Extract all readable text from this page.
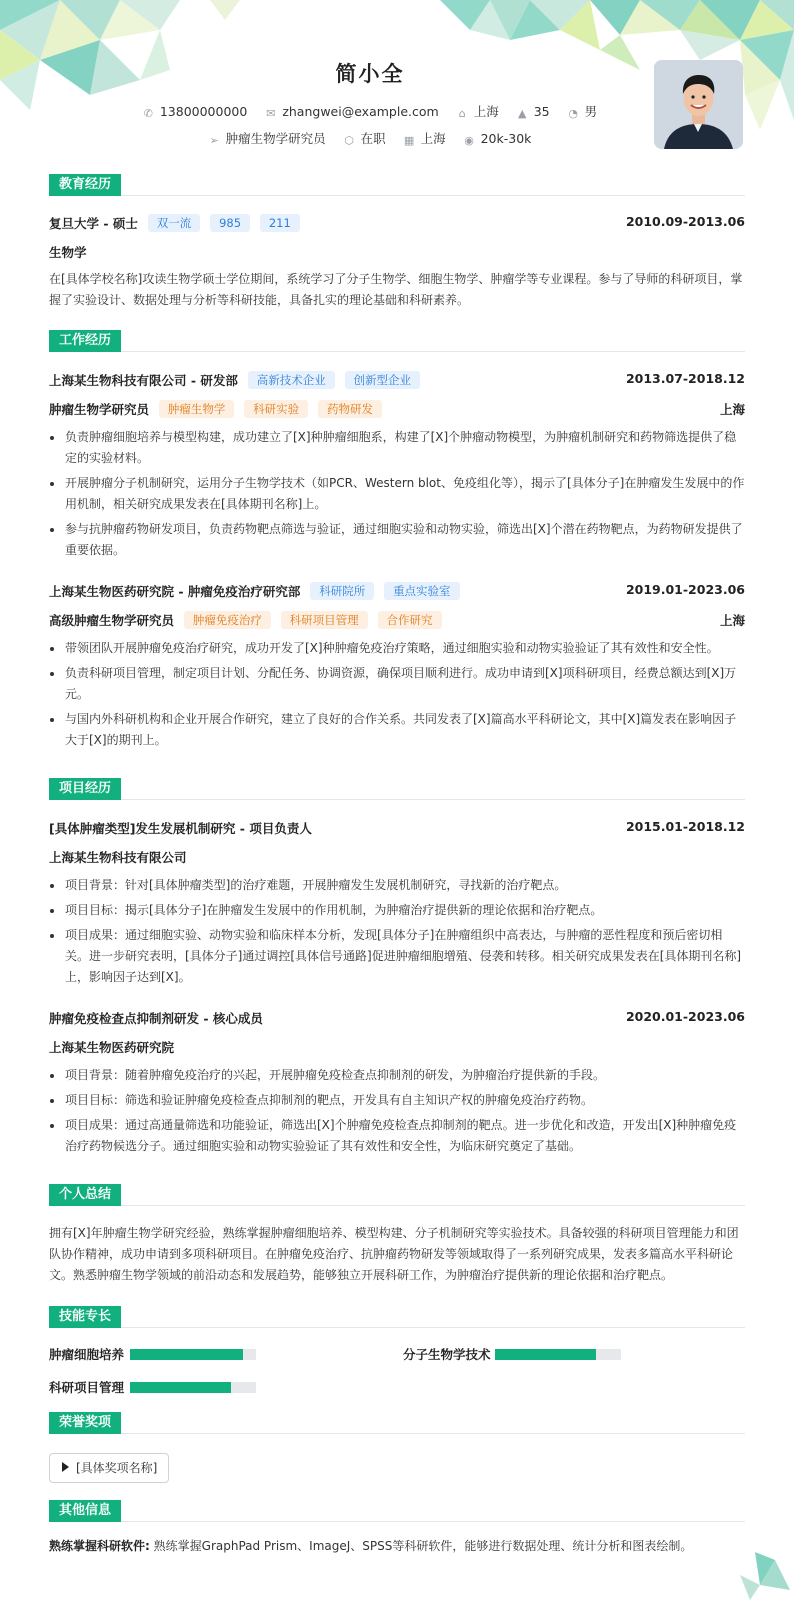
简小全
✆ 13800000000 ✉ zhangwei@example.com ⌂ 上海 ▲ 35 ◔ 男
➢ 肿瘤生物学研究员 ⬡ 在职 ▦ 上海 ◉ 20k-30k
教育经历
复旦大学 - 硕士 双一流 985 211	2010.09-2013.06
生物学
在[具体学校名称]攻读生物学硕士学位期间，系统学习了分子生物学、细胞生物学、肿瘤学等专业课程。参与了导师的科研项目，掌握了实验设计、数据处理与分析等科研技能，具备扎实的理论基础和科研素养。
工作经历
上海某生物科技有限公司 - 研发部 高新技术企业 创新型企业	2013.07-2018.12
肿瘤生物学研究员 肿瘤生物学 科研实验 药物研发	上海
负责肿瘤细胞培养与模型构建，成功建立了[X]种肿瘤细胞系，构建了[X]个肿瘤动物模型，为肿瘤机制研究和药物筛选提供了稳定的实验材料。
开展肿瘤分子机制研究，运用分子生物学技术（如PCR、Western blot、免疫组化等），揭示了[具体分子]在肿瘤发生发展中的作用机制，相关研究成果发表在[具体期刊名称]上。
参与抗肿瘤药物研发项目，负责药物靶点筛选与验证，通过细胞实验和动物实验，筛选出[X]个潜在药物靶点，为药物研发提供了重要依据。
上海某生物医药研究院 - 肿瘤免疫治疗研究部 科研院所 重点实验室	2019.01-2023.06
高级肿瘤生物学研究员 肿瘤免疫治疗 科研项目管理 合作研究	上海
带领团队开展肿瘤免疫治疗研究，成功开发了[X]种肿瘤免疫治疗策略，通过细胞实验和动物实验验证了其有效性和安全性。
负责科研项目管理，制定项目计划、分配任务、协调资源，确保项目顺利进行。成功申请到[X]项科研项目，经费总额达到[X]万元。
与国内外科研机构和企业开展合作研究，建立了良好的合作关系。共同发表了[X]篇高水平科研论文，其中[X]篇发表在影响因子大于[X]的期刊上。
项目经历
[具体肿瘤类型]发生发展机制研究 - 项目负责人	2015.01-2018.12
上海某生物科技有限公司
项目背景：针对[具体肿瘤类型]的治疗难题，开展肿瘤发生发展机制研究，寻找新的治疗靶点。
项目目标：揭示[具体分子]在肿瘤发生发展中的作用机制，为肿瘤治疗提供新的理论依据和治疗靶点。
项目成果：通过细胞实验、动物实验和临床样本分析，发现[具体分子]在肿瘤组织中高表达，与肿瘤的恶性程度和预后密切相关。进一步研究表明，[具体分子]通过调控[具体信号通路]促进肿瘤细胞增殖、侵袭和转移。相关研究成果发表在[具体期刊名称]上，影响因子达到[X]。
肿瘤免疫检查点抑制剂研发 - 核心成员	2020.01-2023.06
上海某生物医药研究院
项目背景：随着肿瘤免疫治疗的兴起，开展肿瘤免疫检查点抑制剂的研发，为肿瘤治疗提供新的手段。
项目目标：筛选和验证肿瘤免疫检查点抑制剂的靶点，开发具有自主知识产权的肿瘤免疫治疗药物。
项目成果：通过高通量筛选和功能验证，筛选出[X]个肿瘤免疫检查点抑制剂的靶点。进一步优化和改造，开发出[X]种肿瘤免疫治疗药物候选分子。通过细胞实验和动物实验验证了其有效性和安全性，为临床研究奠定了基础。
个人总结
拥有[X]年肿瘤生物学研究经验，熟练掌握肿瘤细胞培养、模型构建、分子机制研究等实验技术。具备较强的科研项目管理能力和团队协作精神，成功申请到多项科研项目。在肿瘤免疫治疗、抗肿瘤药物研发等领域取得了一系列研究成果，发表多篇高水平科研论文。熟悉肿瘤生物学领域的前沿动态和发展趋势，能够独立开展科研工作，为肿瘤治疗提供新的理论依据和治疗靶点。
技能专长
肿瘤细胞培养	分子生物学技术
科研项目管理
荣誉奖项
[具体奖项名称]
其他信息
熟练掌握科研软件: 熟练掌握GraphPad Prism、ImageJ、SPSS等科研软件，能够进行数据处理、统计分析和图表绘制。
